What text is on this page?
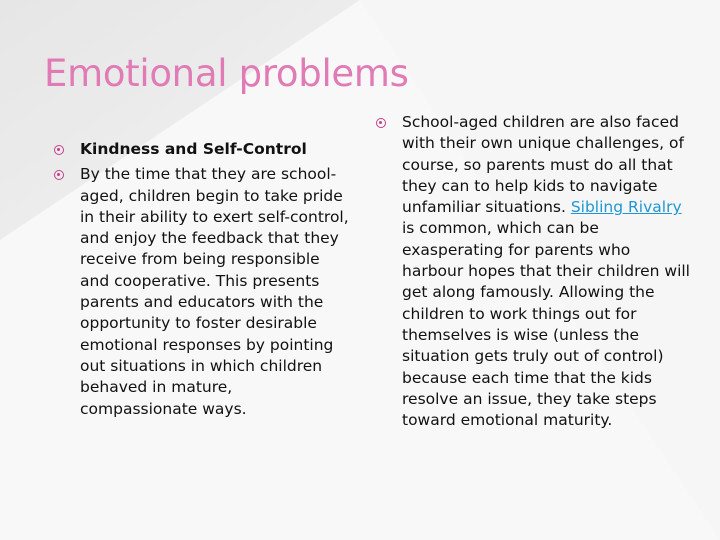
Emotional problems
Kindness and Self-Control
By the time that they are school-aged, children begin to take pride in their ability to exert self-control, and enjoy the feedback that they receive from being responsible and cooperative. This presents parents and educators with the opportunity to foster desirable emotional responses by pointing out situations in which children behaved in mature, compassionate ways.
School-aged children are also faced with their own unique challenges, of course, so parents must do all that they can to help kids to navigate unfamiliar situations. Sibling Rivalry is common, which can be exasperating for parents who harbour hopes that their children will get along famously. Allowing the children to work things out for themselves is wise (unless the situation gets truly out of control) because each time that the kids resolve an issue, they take steps toward emotional maturity.
